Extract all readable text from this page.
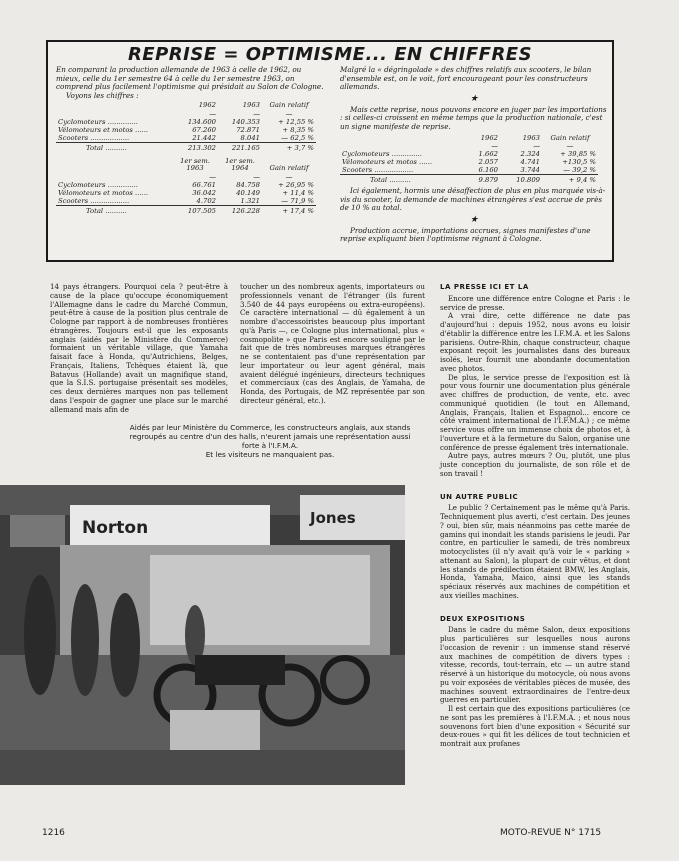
REPRISE = OPTIMISME... EN CHIFFRES

En comparant la production allemande de 1963 à celle de 1962, ou mieux, celle du 1er semestre 64 à celle du 1er semestre 1963, on comprend plus facilement l'optimisme qui présidait au Salon de Cologne.

Voyons les chiffres :

	1962	1963	Gain relatif
	—	—	—
Cyclomoteurs ..............	134.600	140.353	+ 12,55 %
Vélomoteurs et motos ......	67.260	72.871	+ 8,35 %
Scooters ..................	21.442	8.041	— 62,5 %
Total ..........	213.302	221.165	+ 3,7 %
	1er sem. 1963	1er sem. 1964	Gain relatif
	—	—	—
Cyclomoteurs ..............	66.761	84.758	+ 26,95 %
Vélomoteurs et motos ......	36.042	40.149	+ 11,4 %
Scooters ..................	4.702	1.321	— 71,9 %
Total ..........	107.505	126.228	+ 17,4 %

Malgré la « dégringolade » des chiffres relatifs aux scooters, le bilan d'ensemble est, on le voit, fort encourageant pour les constructeurs allemands.

★

Mais cette reprise, nous pouvons encore en juger par les importations : si celles-ci croissent en même temps que la production nationale, c'est un signe manifeste de reprise.

	1962	1963	Gain relatif
	—	—	—
Cyclomoteurs ..............	1.662	2.324	+ 39,85 %
Vélomoteurs et motos ......	2.057	4.741	+130,5 %
Scooters ..................	6.160	3.744	— 39,2 %
Total ..........	9.879	10.809	+ 9,4 %

Ici également, hormis une désaffection de plus en plus marquée vis-à-vis du scooter, la demande de machines étrangères s'est accrue de près de 10 % au total.

★

Production accrue, importations accrues, signes manifestes d'une reprise expliquant bien l'optimisme régnant à Cologne.

14 pays étrangers. Pourquoi cela ? peut-être à cause de la place qu'occupe économiquement l'Allemagne dans le cadre du Marché Commun, peut-être à cause de la position plus centrale de Cologne par rapport à de nombreuses frontières étrangères. Toujours est-il que les exposants anglais (aidés par le Ministère du Commerce) formaient un véritable village, que Yamaha faisait face à Honda, qu'Autrichiens, Belges, Français, Italiens, Tchèques étaient là, que Batavus (Hollande) avait un magnifique stand, que la S.I.S. portugaise présentait ses modèles, ces deux dernières marques non pas tellement dans l'espoir de gagner une place sur le marché allemand mais afin de

toucher un des nombreux agents, importateurs ou professionnels venant de l'étranger (ils furent 3.540 de 44 pays européens ou extra-européens). Ce caractère international — dû également à un nombre d'accessoiristes beaucoup plus important qu'à Paris —, ce Cologne plus international, plus « cosmopolite » que Paris est encore souligné par le fait que de très nombreuses marques étrangères ne se contentaient pas d'une représentation par leur importateur ou leur agent général, mais avaient délégué ingénieurs, directeurs techniques et commerciaux (cas des Anglais, de Yamaha, de Honda, des Portugais, de MZ représentée par son directeur général, etc.).

Aidés par leur Ministère du Commerce, les constructeurs anglais, aux stands regroupés au centre d'un des halls, n'eurent jamais une représentation aussi forte à l'I.F.M.A.
Et les visiteurs ne manquaient pas.
Norton	Jones
LA PRESSE ICI ET LA

Encore une différence entre Cologne et Paris : le service de presse.

A vrai dire, cette différence ne date pas d'aujourd'hui : depuis 1952, nous avons eu loisir d'établir la différence entre les I.F.M.A. et les Salons parisiens. Outre-Rhin, chaque constructeur, chaque exposant reçoit les journalistes dans des bureaux isolés, leur fournit une abondante documentation avec photos.

De plus, le service presse de l'exposition est là pour vous fournir une documentation plus générale avec chiffres de production, de vente, etc. avec communiqué quotidien (le tout en Allemand, Anglais, Français, Italien et Espagnol... encore ce côté vraiment international de l'I.F.M.A.) ; ce même service vous offre un immense choix de photos et, à l'ouverture et à la fermeture du Salon, organise une conférence de presse également très internationale.

Autre pays, autres mœurs ? Ou, plutôt, une plus juste conception du journaliste, de son rôle et de son travail !

UN AUTRE PUBLIC

Le public ? Certainement pas le même qu'à Paris. Techniquement plus averti, c'est certain. Des jeunes ? oui, bien sûr, mais néanmoins pas cette marée de gamins qui inondait les stands parisiens le jeudi. Par contre, en particulier le samedi, de très nombreux motocyclistes (il n'y avait qu'à voir le « parking » attenant au Salon), la plupart de cuir vêtus, et dont les stands de prédilection étaient BMW, les Anglais, Honda, Yamaha, Maico, ainsi que les stands spéciaux réservés aux machines de compétition et aux vieilles machines.

DEUX EXPOSITIONS

Dans le cadre du même Salon, deux expositions plus particulières sur lesquelles nous aurons l'occasion de revenir : un immense stand réservé aux machines de compétition de divers types : vitesse, records, tout-terrain, etc — un autre stand réservé à un historique du motocycle, où nous avons pu voir exposées de véritables pièces de musée, des machines souvent extraordinaires de l'entre-deux guerres en particulier.

Il est certain que des expositions particulières (ce ne sont pas les premières à l'I.F.M.A. ; et nous nous souvenons fort bien d'une exposition « Sécurité sur deux-roues » qui fit les délices de tout technicien et montrait aux profanes

1216	MOTO-REVUE N° 1715
